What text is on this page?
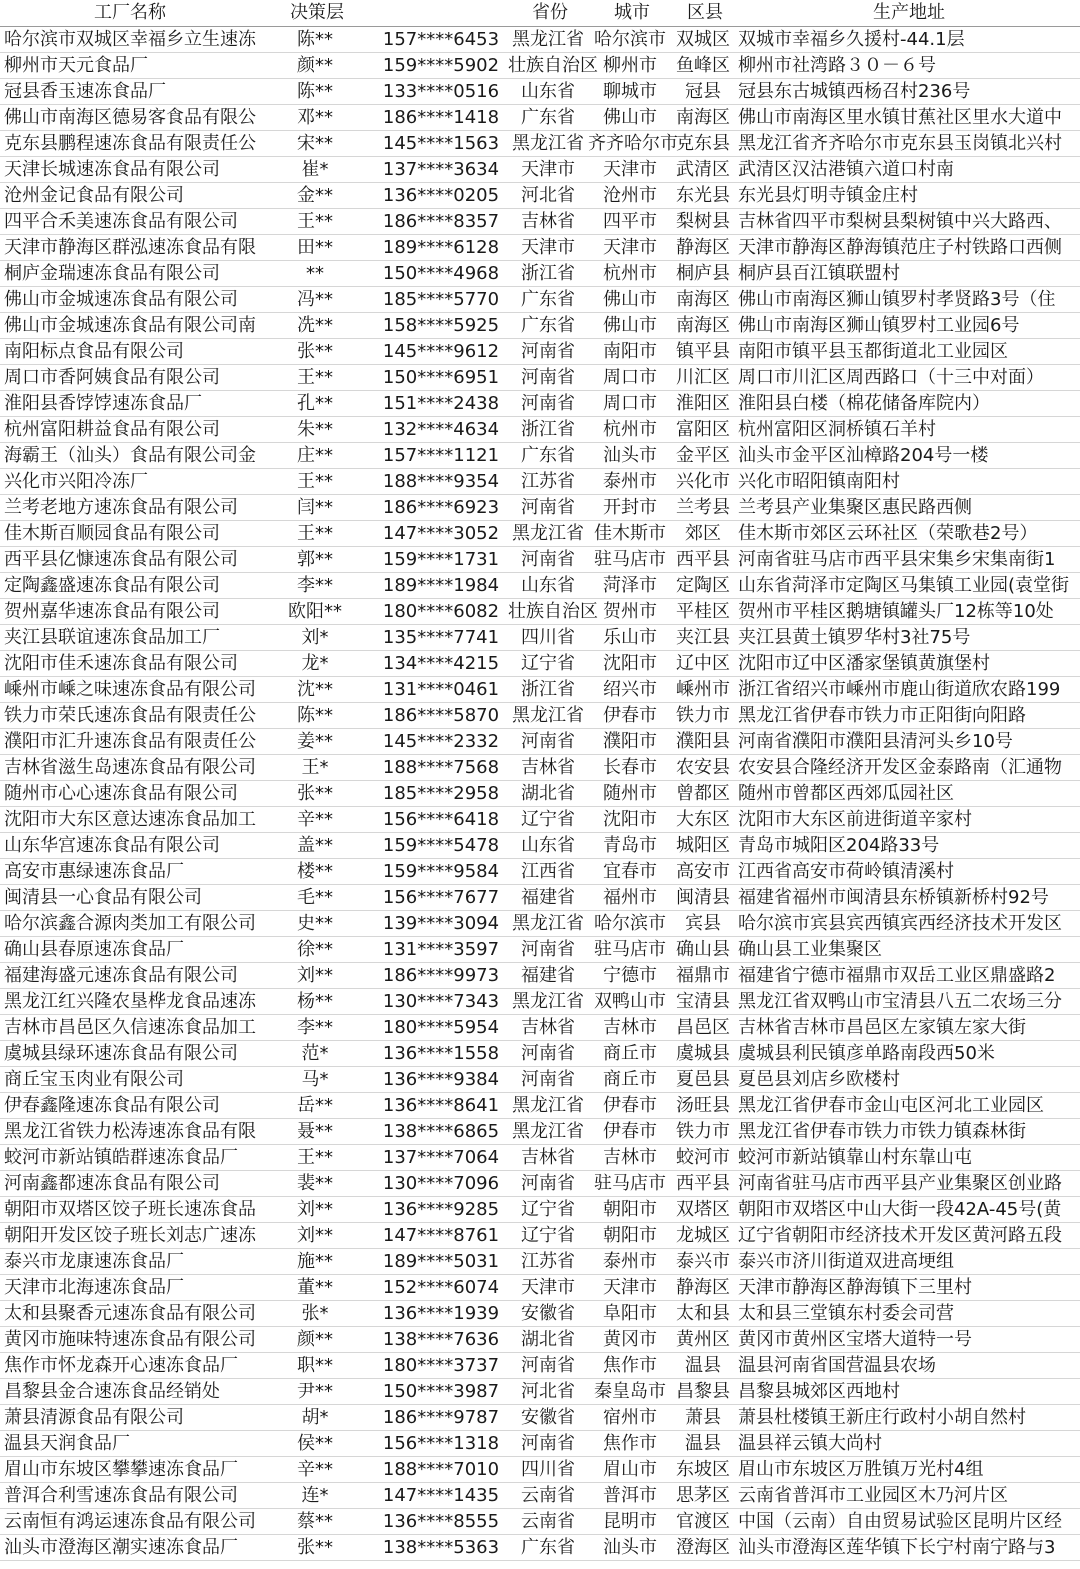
工厂名称	决策层		省份	城市	区县	生产地址
哈尔滨市双城区幸福乡立生速冻	陈**	157****6453	黑龙江省	哈尔滨市	双城区	双城市幸福乡久援村-44.1层
柳州市天元食品厂	颜**	159****5902	壮族自治区	柳州市	鱼峰区	柳州市社湾路３０－６号
冠县香玉速冻食品厂	陈**	133****0516	山东省	聊城市	冠县	冠县东古城镇西杨召村236号
佛山市南海区德易客食品有限公	邓**	186****1418	广东省	佛山市	南海区	佛山市南海区里水镇甘蕉社区里水大道中
克东县鹏程速冻食品有限责任公	宋**	145****1563	黑龙江省	齐齐哈尔市	克东县	黑龙江省齐齐哈尔市克东县玉岗镇北兴村
天津长城速冻食品有限公司	崔*	137****3634	天津市	天津市	武清区	武清区汉沽港镇六道口村南
沧州金记食品有限公司	金**	136****0205	河北省	沧州市	东光县	东光县灯明寺镇金庄村
四平合禾美速冻食品有限公司	王**	186****8357	吉林省	四平市	梨树县	吉林省四平市梨树县梨树镇中兴大路西、
天津市静海区群泓速冻食品有限	田**	189****6128	天津市	天津市	静海区	天津市静海区静海镇范庄子村铁路口西侧
桐庐金瑞速冻食品有限公司	**	150****4968	浙江省	杭州市	桐庐县	桐庐县百江镇联盟村
佛山市金城速冻食品有限公司	冯**	185****5770	广东省	佛山市	南海区	佛山市南海区狮山镇罗村孝贤路3号（住
佛山市金城速冻食品有限公司南	冼**	158****5925	广东省	佛山市	南海区	佛山市南海区狮山镇罗村工业园6号
南阳标点食品有限公司	张**	145****9612	河南省	南阳市	镇平县	南阳市镇平县玉都街道北工业园区
周口市香阿姨食品有限公司	王**	150****6951	河南省	周口市	川汇区	周口市川汇区周西路口（十三中对面）
淮阳县香饽饽速冻食品厂	孔**	151****2438	河南省	周口市	淮阳区	淮阳县白楼（棉花储备库院内）
杭州富阳耕益食品有限公司	朱**	132****4634	浙江省	杭州市	富阳区	杭州富阳区洞桥镇石羊村
海霸王（汕头）食品有限公司金	庄**	157****1121	广东省	汕头市	金平区	汕头市金平区汕樟路204号一楼
兴化市兴阳冷冻厂	王**	188****9354	江苏省	泰州市	兴化市	兴化市昭阳镇南阳村
兰考老地方速冻食品有限公司	闫**	186****6923	河南省	开封市	兰考县	兰考县产业集聚区惠民路西侧
佳木斯百顺园食品有限公司	王**	147****3052	黑龙江省	佳木斯市	郊区	佳木斯市郊区云环社区（荣歌巷2号）
西平县亿慷速冻食品有限公司	郭**	159****1731	河南省	驻马店市	西平县	河南省驻马店市西平县宋集乡宋集南街1
定陶鑫盛速冻食品有限公司	李**	189****1984	山东省	菏泽市	定陶区	山东省菏泽市定陶区马集镇工业园(袁堂街
贺州嘉华速冻食品有限公司	欧阳**	180****6082	壮族自治区	贺州市	平桂区	贺州市平桂区鹅塘镇罐头厂12栋等10处
夹江县联谊速冻食品加工厂	刘*	135****7741	四川省	乐山市	夹江县	夹江县黄土镇罗华村3社75号
沈阳市佳禾速冻食品有限公司	龙*	134****4215	辽宁省	沈阳市	辽中区	沈阳市辽中区潘家堡镇黄旗堡村
嵊州市嵊之味速冻食品有限公司	沈**	131****0461	浙江省	绍兴市	嵊州市	浙江省绍兴市嵊州市鹿山街道欣农路199
铁力市荣氏速冻食品有限责任公	陈**	186****5870	黑龙江省	伊春市	铁力市	黑龙江省伊春市铁力市正阳街向阳路
濮阳市汇升速冻食品有限责任公	姜**	145****2332	河南省	濮阳市	濮阳县	河南省濮阳市濮阳县清河头乡10号
吉林省滋生岛速冻食品有限公司	王*	188****7568	吉林省	长春市	农安县	农安县合隆经济开发区金泰路南（汇通物
随州市心心速冻食品有限公司	张**	185****2958	湖北省	随州市	曾都区	随州市曾都区西郊瓜园社区
沈阳市大东区意达速冻食品加工	辛**	156****6418	辽宁省	沈阳市	大东区	沈阳市大东区前进街道辛家村
山东华宫速冻食品有限公司	盖**	159****5478	山东省	青岛市	城阳区	青岛市城阳区204路33号
高安市惠绿速冻食品厂	楼**	159****9584	江西省	宜春市	高安市	江西省高安市荷岭镇清溪村
闽清县一心食品有限公司	毛**	156****7677	福建省	福州市	闽清县	福建省福州市闽清县东桥镇新桥村92号
哈尔滨鑫合源肉类加工有限公司	史**	139****3094	黑龙江省	哈尔滨市	宾县	哈尔滨市宾县宾西镇宾西经济技术开发区
确山县春原速冻食品厂	徐**	131****3597	河南省	驻马店市	确山县	确山县工业集聚区
福建海盛元速冻食品有限公司	刘**	186****9973	福建省	宁德市	福鼎市	福建省宁德市福鼎市双岳工业区鼎盛路2
黑龙江红兴隆农垦桦龙食品速冻	杨**	130****7343	黑龙江省	双鸭山市	宝清县	黑龙江省双鸭山市宝清县八五二农场三分
吉林市昌邑区久信速冻食品加工	李**	180****5954	吉林省	吉林市	昌邑区	吉林省吉林市昌邑区左家镇左家大街
虞城县绿环速冻食品有限公司	范*	136****1558	河南省	商丘市	虞城县	虞城县利民镇彦单路南段西50米
商丘宝玉肉业有限公司	马*	136****9384	河南省	商丘市	夏邑县	夏邑县刘店乡欧楼村
伊春鑫隆速冻食品有限公司	岳**	136****8641	黑龙江省	伊春市	汤旺县	黑龙江省伊春市金山屯区河北工业园区
黑龙江省铁力松涛速冻食品有限	聂**	138****6865	黑龙江省	伊春市	铁力市	黑龙江省伊春市铁力市铁力镇森林街
蛟河市新站镇皓群速冻食品厂	王**	137****7064	吉林省	吉林市	蛟河市	蛟河市新站镇靠山村东靠山屯
河南鑫都速冻食品有限公司	裴**	130****7096	河南省	驻马店市	西平县	河南省驻马店市西平县产业集聚区创业路
朝阳市双塔区饺子班长速冻食品	刘**	136****9285	辽宁省	朝阳市	双塔区	朝阳市双塔区中山大街一段42A-45号(黄
朝阳开发区饺子班长刘志广速冻	刘**	147****8761	辽宁省	朝阳市	龙城区	辽宁省朝阳市经济技术开发区黄河路五段
泰兴市龙康速冻食品厂	施**	189****5031	江苏省	泰州市	泰兴市	泰兴市济川街道双进高埂组
天津市北海速冻食品厂	董**	152****6074	天津市	天津市	静海区	天津市静海区静海镇下三里村
太和县聚香元速冻食品有限公司	张*	136****1939	安徽省	阜阳市	太和县	太和县三堂镇东村委会司营
黄冈市施味特速冻食品有限公司	颜**	138****7636	湖北省	黄冈市	黄州区	黄冈市黄州区宝塔大道特一号
焦作市怀龙森开心速冻食品厂	职**	180****3737	河南省	焦作市	温县	温县河南省国营温县农场
昌黎县金合速冻食品经销处	尹**	150****3987	河北省	秦皇岛市	昌黎县	昌黎县城郊区西地村
萧县清源食品有限公司	胡*	186****9787	安徽省	宿州市	萧县	萧县杜楼镇王新庄行政村小胡自然村
温县天润食品厂	侯**	156****1318	河南省	焦作市	温县	温县祥云镇大尚村
眉山市东坡区攀攀速冻食品厂	辛**	188****7010	四川省	眉山市	东坡区	眉山市东坡区万胜镇万光村4组
普洱合利雪速冻食品有限公司	连*	147****1435	云南省	普洱市	思茅区	云南省普洱市工业园区木乃河片区
云南恒有鸿运速冻食品有限公司	蔡**	136****8555	云南省	昆明市	官渡区	中国（云南）自由贸易试验区昆明片区经
汕头市澄海区潮实速冻食品厂	张**	138****5363	广东省	汕头市	澄海区	汕头市澄海区莲华镇下长宁村南宁路与3
